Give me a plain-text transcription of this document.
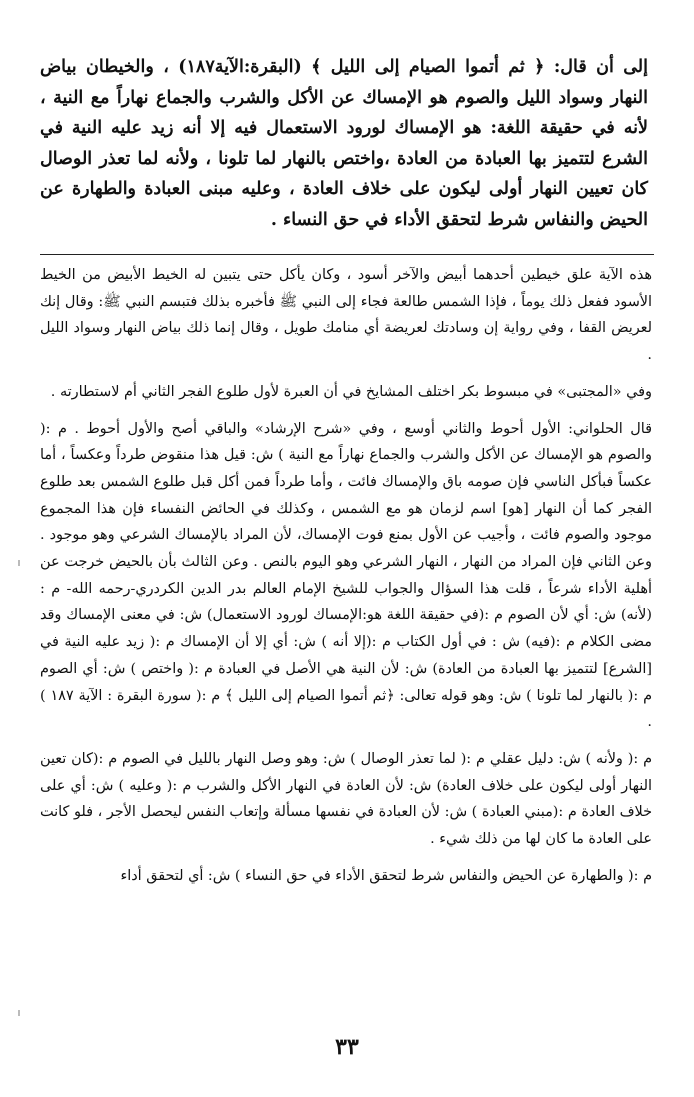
إلى أن قال: ﴿ ثم أتموا الصيام إلى الليل ﴾ (البقرة:الآية١٨٧) ، والخيطان بياض النهار وسواد الليل والصوم هو الإمساك عن الأكل والشرب والجماع نهاراً مع النية ، لأنه في حقيقة اللغة: هو الإمساك لورود الاستعمال فيه إلا أنه زيد عليه النية في الشرع لتتميز بها العبادة من العادة ،واختص بالنهار لما تلونا ، ولأنه لما تعذر الوصال كان تعيين النهار أولى ليكون على خلاف العادة ، وعليه مبنى العبادة والطهارة عن الحيض والنفاس شرط لتحقق الأداء في حق النساء .

هذه الآية علق خيطين أحدهما أبيض والآخر أسود ، وكان يأكل حتى يتبين له الخيط الأبيض من الخيط الأسود ففعل ذلك يوماً ، فإذا الشمس طالعة فجاء إلى النبي ﷺ فأخبره بذلك فتبسم النبي ﷺ: وقال إنك لعريض القفا ، وفي رواية إن وسادتك لعريضة أي منامك طويل ، وقال إنما ذلك بياض النهار وسواد الليل .

وفي «المجتبى» في مبسوط بكر اختلف المشايخ في أن العبرة لأول طلوع الفجر الثاني أم لاستطارته .

قال الحلواني: الأول أحوط والثاني أوسع ، وفي «شرح الإرشاد» والباقي أصح والأول أحوط . م :( والصوم هو الإمساك عن الأكل والشرب والجماع نهاراً مع النية ) ش: قيل هذا منقوض طرداً وعكساً ، أما عكساً فبأكل الناسي فإن صومه باق والإمساك فائت ، وأما طرداً فمن أكل قبل طلوع الشمس بعد طلوع الفجر كما أن النهار [هو] اسم لزمان هو مع الشمس ، وكذلك في الحائض النفساء فإن هذا المجموع موجود والصوم فائت ، وأجيب عن الأول بمنع فوت الإمساك، لأن المراد بالإمساك الشرعي وهو موجود . وعن الثاني فإن المراد من النهار ، النهار الشرعي وهو اليوم بالنص . وعن الثالث بأن بالحيض خرجت عن أهلية الأداء شرعاً ، قلت هذا السؤال والجواب للشيخ الإمام العالم بدر الدين الكردري-رحمه الله- م :(لأنه) ش: أي لأن الصوم م :(في حقيقة اللغة هو:الإمساك لورود الاستعمال) ش: في معنى الإمساك وقد مضى الكلام م :(فيه) ش : في أول الكتاب م :(إلا أنه ) ش: أي إلا أن الإمساك م :( زيد عليه النية في [الشرع] لتتميز بها العبادة من العادة) ش: لأن النية هي الأصل في العبادة م :( واختص ) ش: أي الصوم م :( بالنهار لما تلونا ) ش: وهو قوله تعالى: ﴿ثم أتموا الصيام إلى الليل ﴾ م :( سورة البقرة : الآية ١٨٧ ) .

م :( ولأنه ) ش: دليل عقلي م :( لما تعذر الوصال ) ش: وهو وصل النهار بالليل في الصوم م :(كان تعين النهار أولى ليكون على خلاف العادة) ش: لأن العادة في النهار الأكل والشرب م :( وعليه ) ش: أي على خلاف العادة م :(مبني العبادة ) ش: لأن العبادة في نفسها مسألة وإتعاب النفس ليحصل الأجر ، فلو كانت على العادة ما كان لها من ذلك شيء .

م :( والطهارة عن الحيض والنفاس شرط لتحقق الأداء في حق النساء ) ش: أي لتحقق أداء

٣٣
